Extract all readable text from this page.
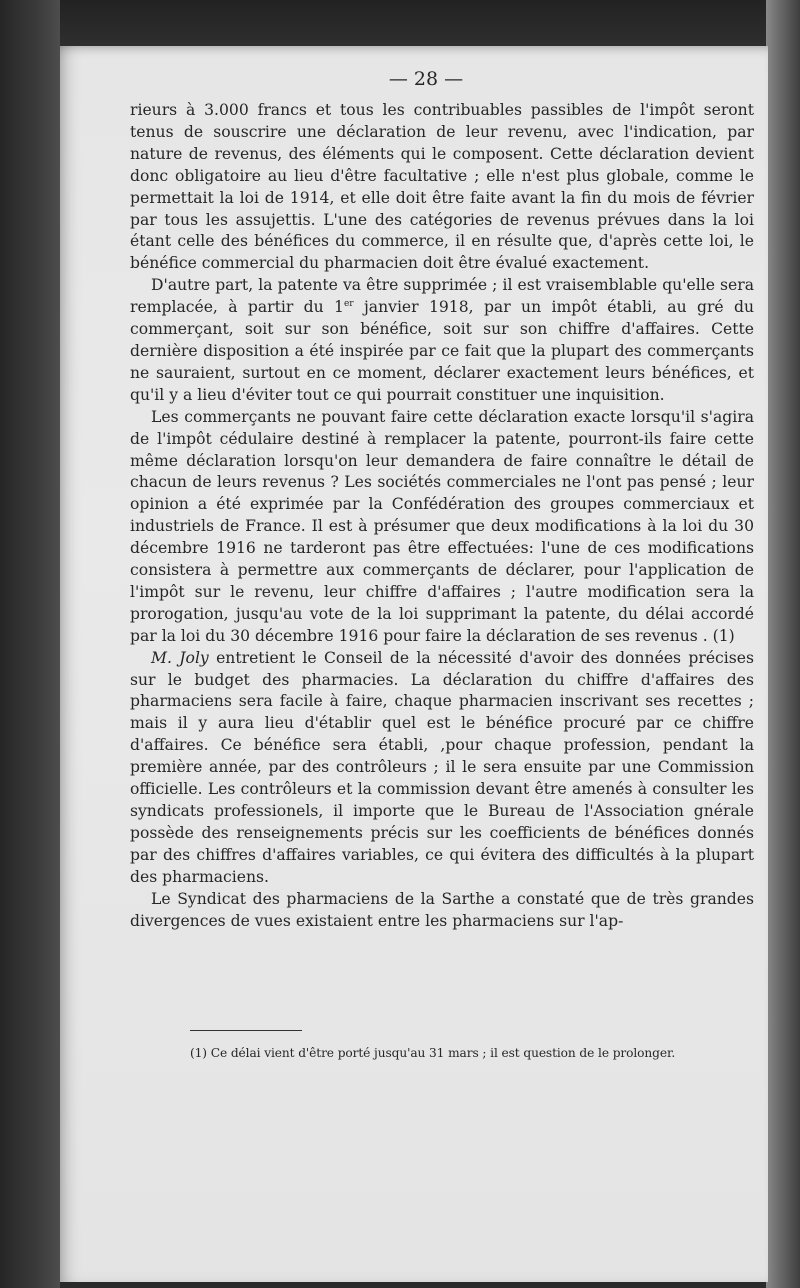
— 28 —

rieurs à 3.000 francs et tous les contribuables passibles de l'impôt seront tenus de souscrire une déclaration de leur revenu, avec l'indication, par nature de revenus, des éléments qui le composent. Cette déclaration devient donc obligatoire au lieu d'être facultative ; elle n'est plus globale, comme le permettait la loi de 1914, et elle doit être faite avant la fin du mois de février par tous les assujettis. L'une des catégories de revenus prévues dans la loi étant celle des bénéfices du commerce, il en résulte que, d'après cette loi, le bénéfice commercial du pharmacien doit être évalué exactement.

D'autre part, la patente va être supprimée ; il est vraisemblable qu'elle sera remplacée, à partir du 1er janvier 1918, par un impôt établi, au gré du commerçant, soit sur son bénéfice, soit sur son chiffre d'affaires. Cette dernière disposition a été inspirée par ce fait que la plupart des commerçants ne sauraient, surtout en ce moment, déclarer exactement leurs bénéfices, et qu'il y a lieu d'éviter tout ce qui pourrait constituer une inquisition.

Les commerçants ne pouvant faire cette déclaration exacte lorsqu'il s'agira de l'impôt cédulaire destiné à remplacer la patente, pourront-ils faire cette même déclaration lorsqu'on leur demandera de faire connaître le détail de chacun de leurs revenus ? Les sociétés commerciales ne l'ont pas pensé ; leur opinion a été exprimée par la Confédération des groupes commerciaux et industriels de France. Il est à présumer que deux modifications à la loi du 30 décembre 1916 ne tarderont pas être effectuées: l'une de ces modifications consistera à permettre aux commerçants de déclarer, pour l'application de l'impôt sur le revenu, leur chiffre d'affaires ; l'autre modification sera la prorogation, jusqu'au vote de la loi supprimant la patente, du délai accordé par la loi du 30 décembre 1916 pour faire la déclaration de ses revenus . (1)

M. Joly entretient le Conseil de la nécessité d'avoir des données précises sur le budget des pharmacies. La déclaration du chiffre d'affaires des pharmaciens sera facile à faire, chaque pharmacien inscrivant ses recettes ; mais il y aura lieu d'établir quel est le bénéfice procuré par ce chiffre d'affaires. Ce bénéfice sera établi, ,pour chaque profession, pendant la première année, par des contrôleurs ; il le sera ensuite par une Commission officielle. Les contrôleurs et la commission devant être amenés à consulter les syndicats professionels, il importe que le Bureau de l'Association gnérale possède des renseignements précis sur les coefficients de bénéfices donnés par des chiffres d'affaires variables, ce qui évitera des difficultés à la plupart des pharmaciens.

Le Syndicat des pharmaciens de la Sarthe a constaté que de très grandes divergences de vues existaient entre les pharmaciens sur l'ap-

(1) Ce délai vient d'être porté jusqu'au 31 mars ; il est question de le prolonger.
